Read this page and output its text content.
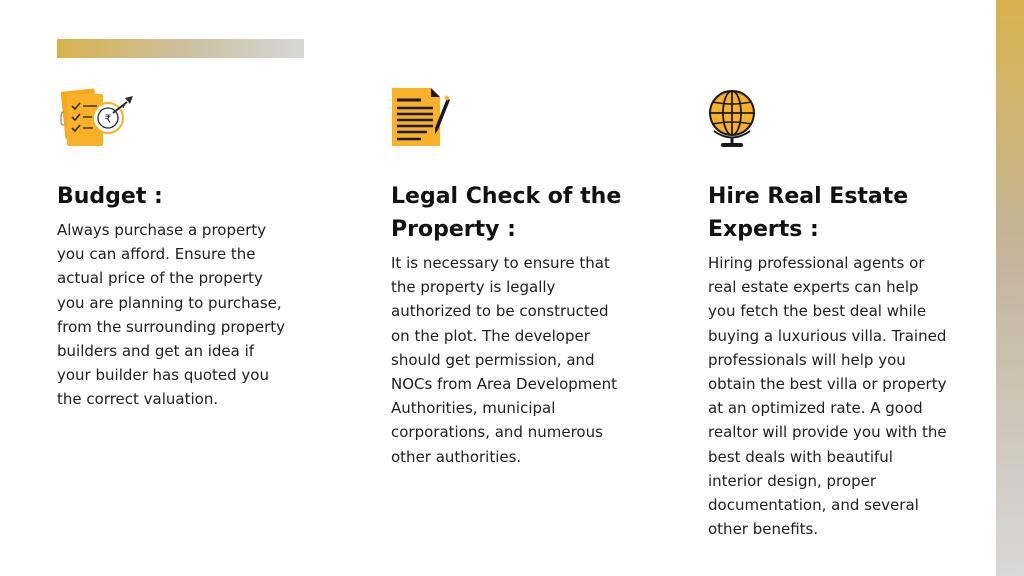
₹
Budget :
Always purchase a property you can afford. Ensure the actual price of the property you are planning to purchase, from the surrounding property builders and get an idea if your builder has quoted you the correct valuation.
Legal Check of the Property :
It is necessary to ensure that the property is legally authorized to be constructed on the plot. The developer should get permission, and NOCs from Area Development Authorities, municipal corporations, and numerous other authorities.
Hire Real Estate Experts :
Hiring professional agents or real estate experts can help you fetch the best deal while buying a luxurious villa. Trained professionals will help you obtain the best villa or property at an optimized rate. A good realtor will provide you with the best deals with beautiful interior design, proper documentation, and several other benefits.
